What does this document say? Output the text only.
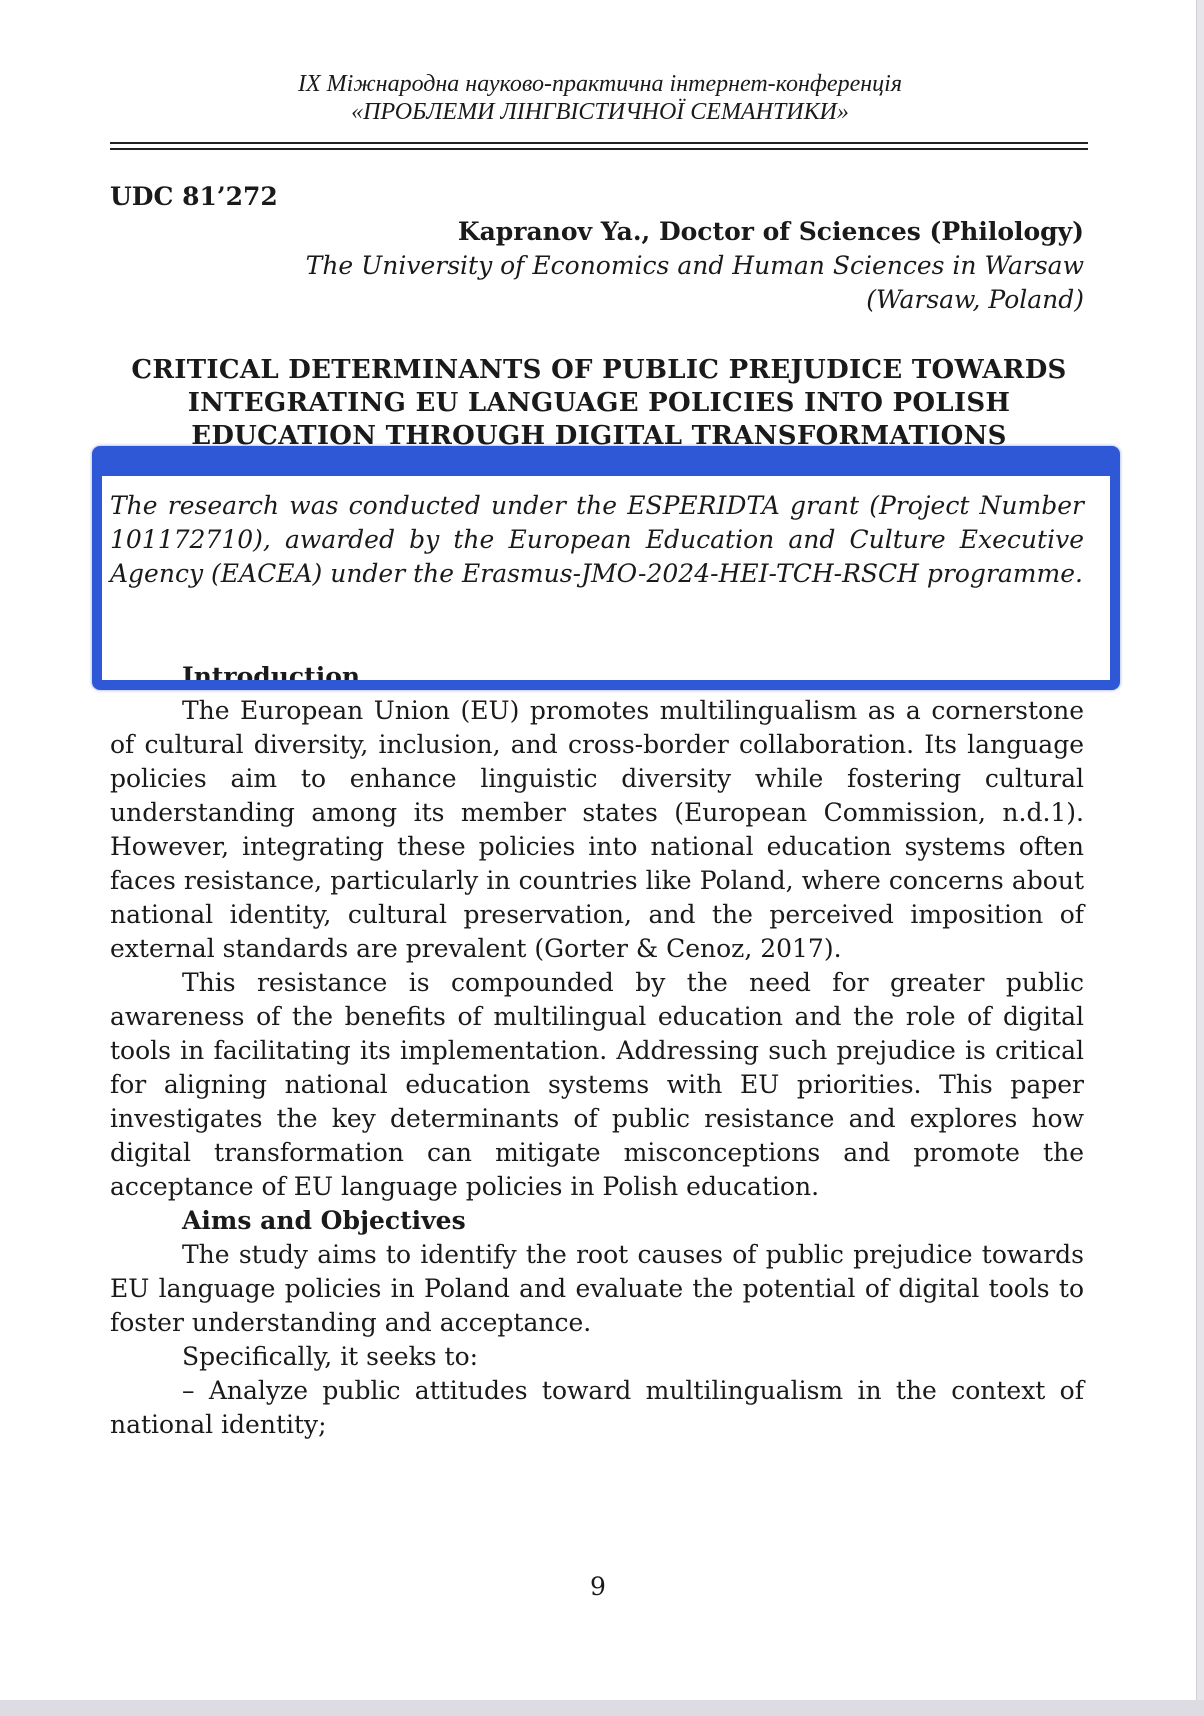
IX Міжнародна науково-практична інтернет-конференція
«ПРОБЛЕМИ ЛІНГВІСТИЧНОЇ СЕМАНТИКИ»
UDC 81’272
Kapranov Ya., Doctor of Sciences (Philology)
The University of Economics and Human Sciences in Warsaw
(Warsaw, Poland)
CRITICAL DETERMINANTS OF PUBLIC PREJUDICE TOWARDS
INTEGRATING EU LANGUAGE POLICIES INTO POLISH
EDUCATION THROUGH DIGITAL TRANSFORMATIONS
The research was conducted under the ESPERIDTA grant (Project Number 101172710), awarded by the European Education and Culture Executive Agency (EACEA) under the Erasmus-JMO-2024-HEI-TCH-RSCH programme.
Introduction

The European Union (EU) promotes multilingualism as a cornerstone of cultural diversity, inclusion, and cross-border collaboration. Its language policies aim to enhance linguistic diversity while fostering cultural understanding among its member states (European Commission, n.d.1). However, integrating these policies into national education systems often faces resistance, particularly in countries like Poland, where concerns about national identity, cultural preservation, and the perceived imposition of external standards are prevalent (Gorter & Cenoz, 2017).

This resistance is compounded by the need for greater public awareness of the benefits of multilingual education and the role of digital tools in facilitating its implementation. Addressing such prejudice is critical for aligning national education systems with EU priorities. This paper investigates the key determinants of public resistance and explores how digital transformation can mitigate misconceptions and promote the acceptance of EU language policies in Polish education.

Aims and Objectives

The study aims to identify the root causes of public prejudice towards EU language policies in Poland and evaluate the potential of digital tools to foster understanding and acceptance.

Specifically, it seeks to:

– Analyze public attitudes toward multilingualism in the context of national identity;

9
